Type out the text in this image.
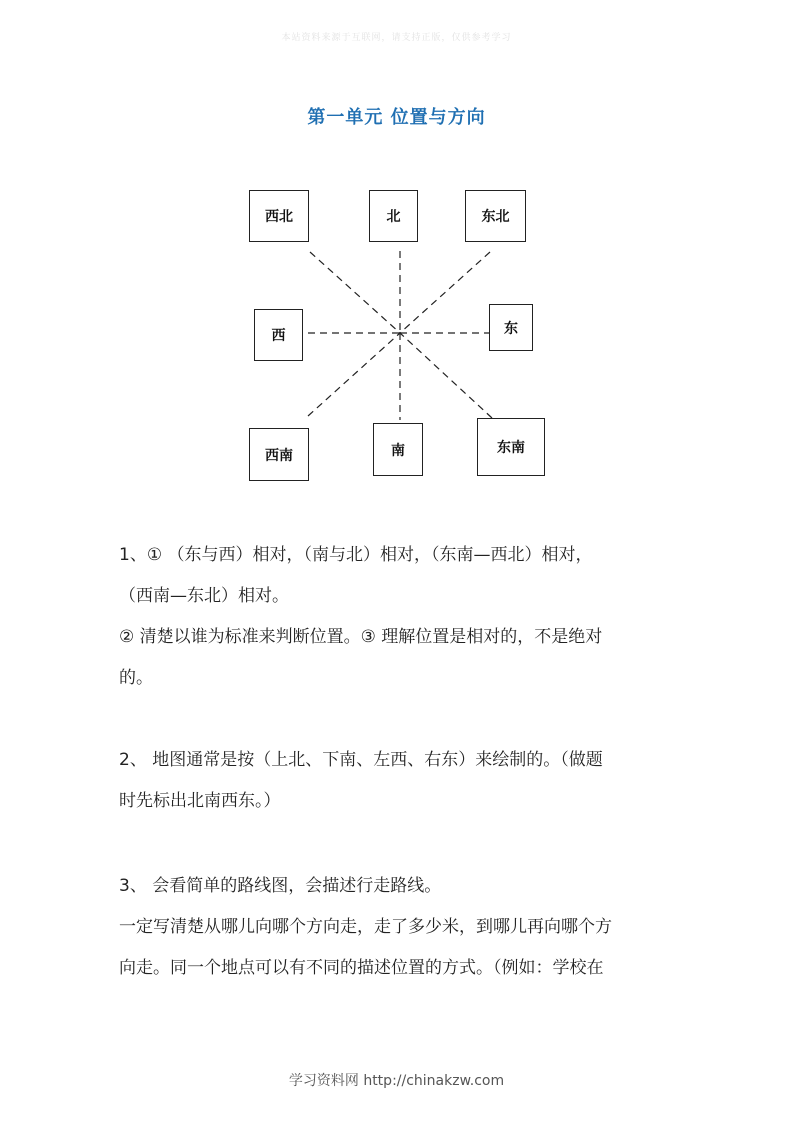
本站资料来源于互联网，请支持正版，仅供参考学习
第一单元 位置与方向
西北	北	东北
西	东
西南	南	东南
1、① （东与西）相对，（南与北）相对，（东南—西北）相对，
（西南—东北）相对。
② 清楚以谁为标准来判断位置。③ 理解位置是相对的，不是绝对
的。
2、 地图通常是按（上北、下南、左西、右东）来绘制的。（做题
时先标出北南西东。）
3、 会看简单的路线图，会描述行走路线。
一定写清楚从哪儿向哪个方向走，走了多少米，到哪儿再向哪个方
向走。同一个地点可以有不同的描述位置的方式。（例如：学校在
学习资料网 http://chinakzw.com
